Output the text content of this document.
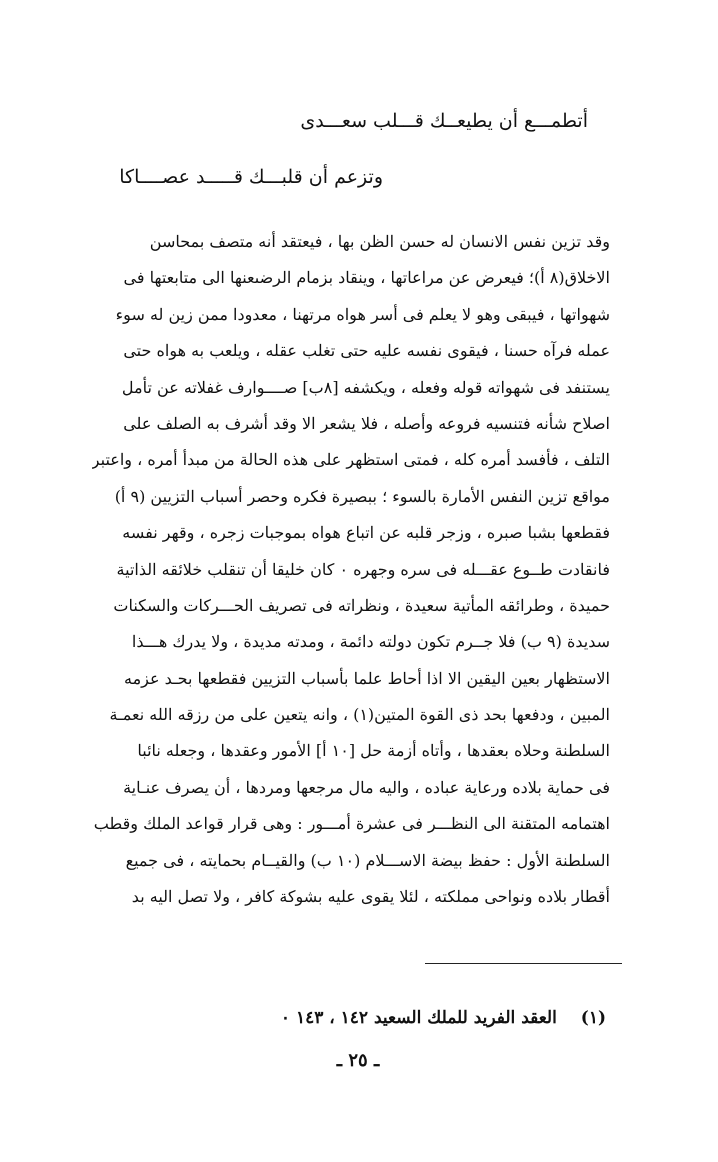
أتطمـــع أن يطيعــك قـــلب سعـــدى
وتزعم أن قلبـــك قـــــد عصــــاكا
وقد تزين نفس الانسان له حسن الظن بها ، فيعتقد أنه متصف بمحاسن
الاخلاق(٨ أ)؛ فيعرض عن مراعاتها ، وينقاد بزمام الرضىعنها الى متابعتها فى
شهواتها ، فيبقى وهو لا يعلم فى أسر هواه مرتهنا ، معدودا ممن زين له سوء
عمله فرآه حسنا ، فيقوى نفسه عليه حتى تغلب عقله ، ويلعب به هواه حتى
يستنفد فى شهواته قوله وفعله ، ويكشفه [٨ب] صــــوارف غفلاته عن تأمل
اصلاح شأنه فتنسيه فروعه وأصله ، فلا يشعر الا وقد أشرف به الصلف على
التلف ، فأفسد أمره كله ، فمتى استظهر على هذه الحالة من مبدأ أمره ، واعتبر
مواقع تزين النفس الأمارة بالسوء ؛ ببصيرة فكره وحصر أسباب التزيين (٩ أ)
فقطعها بشبا صبره ، وزجر قلبه عن اتباع هواه بموجبات زجره ، وقهر نفسه
فانقادت طــوع عقـــله فى سره وجهره ٠ كان خليقا أن تنقلب خلائقه الذاتية
حميدة ، وطرائقه المأتية سعيدة ، ونظراته فى تصريف الحـــركات والسكنات
سديدة (٩ ب) فلا جــرم تكون دولته دائمة ، ومدته مديدة ، ولا يدرك هـــذا
الاستظهار بعين اليقين الا اذا أحاط علما بأسباب التزيين فقطعها بحـد عزمه
المبين ، ودفعها بحد ذى القوة المتين(١) ، وانه يتعين على من رزقه الله نعمـة
السلطنة وحلاه بعقدها ، وأتاه أزمة حل [١٠ أ] الأمور وعقدها ، وجعله نائبا
فى حماية بلاده ورعاية عباده ، واليه مال مرجعها ومردها ، أن يصرف عنـاية
اهتمامه المتقنة الى النظـــر فى عشرة أمـــور : وهى قرار قواعد الملك وقطب
السلطنة الأول : حفظ بيضة الاســـلام (١٠ ب) والقيــام بحمايته ، فى جميع
أقطار بلاده ونواحى مملكته ، لئلا يقوى عليه بشوكة كافر ، ولا تصل اليه بد
(١) العقد الفريد للملك السعيد ١٤٢ ، ١٤٣ ٠
ـ ٢٥ ـ
